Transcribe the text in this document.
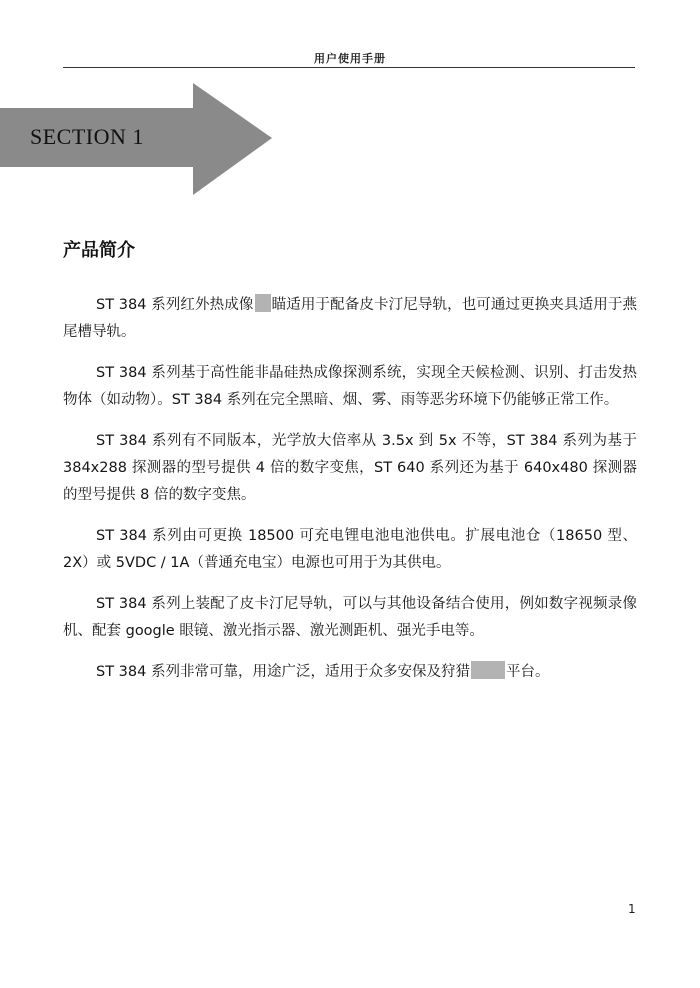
用户使用手册
SECTION 1
产品简介

ST 384 系列红外热成像 瞄适用于配备皮卡汀尼导轨，也可通过更换夹具适用于燕尾槽导轨。

ST 384 系列基于高性能非晶硅热成像探测系统，实现全天候检测、识别、打击发热物体（如动物）。ST 384 系列在完全黑暗、烟、雾、雨等恶劣环境下仍能够正常工作。

ST 384 系列有不同版本，光学放大倍率从 3.5x 到 5x 不等，ST 384 系列为基于 384x288 探测器的型号提供 4 倍的数字变焦，ST 640 系列还为基于 640x480 探测器的型号提供 8 倍的数字变焦。

ST 384 系列由可更换 18500 可充电锂电池电池供电。扩展电池仓（18650 型、2X）或 5VDC / 1A（普通充电宝）电源也可用于为其供电。

ST 384 系列上装配了皮卡汀尼导轨，可以与其他设备结合使用，例如数字视频录像机、配套 google 眼镜、激光指示器、激光测距机、强光手电等。

ST 384 系列非常可靠，用途广泛，适用于众多安保及狩猎 平台。

1
